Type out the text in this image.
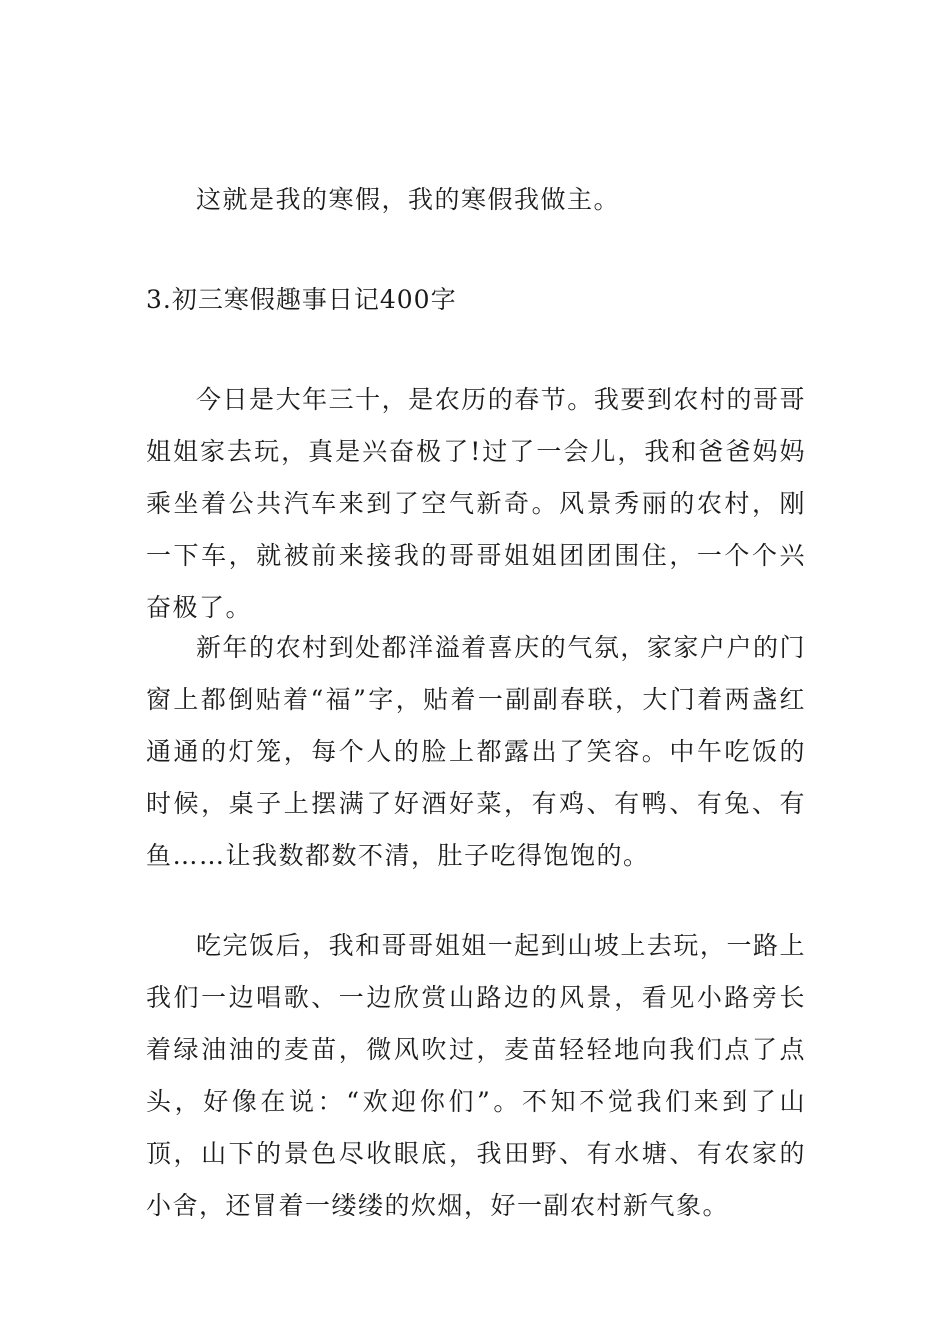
这就是我的寒假，我的寒假我做主。

3.初三寒假趣事日记400字

今日是大年三十，是农历的春节。我要到农村的哥哥姐姐家去玩，真是兴奋极了!过了一会儿，我和爸爸妈妈乘坐着公共汽车来到了空气新奇。风景秀丽的农村，刚一下车，就被前来接我的哥哥姐姐团团围住，一个个兴奋极了。

新年的农村到处都洋溢着喜庆的气氛，家家户户的门窗上都倒贴着“福”字，贴着一副副春联，大门着两盏红通通的灯笼，每个人的脸上都露出了笑容。中午吃饭的时候，桌子上摆满了好酒好菜，有鸡、有鸭、有兔、有鱼……让我数都数不清，肚子吃得饱饱的。

吃完饭后，我和哥哥姐姐一起到山坡上去玩，一路上我们一边唱歌、一边欣赏山路边的风景，看见小路旁长着绿油油的麦苗，微风吹过，麦苗轻轻地向我们点了点头，好像在说：“欢迎你们”。不知不觉我们来到了山顶，山下的景色尽收眼底，我田野、有水塘、有农家的小舍，还冒着一缕缕的炊烟，好一副农村新气象。
